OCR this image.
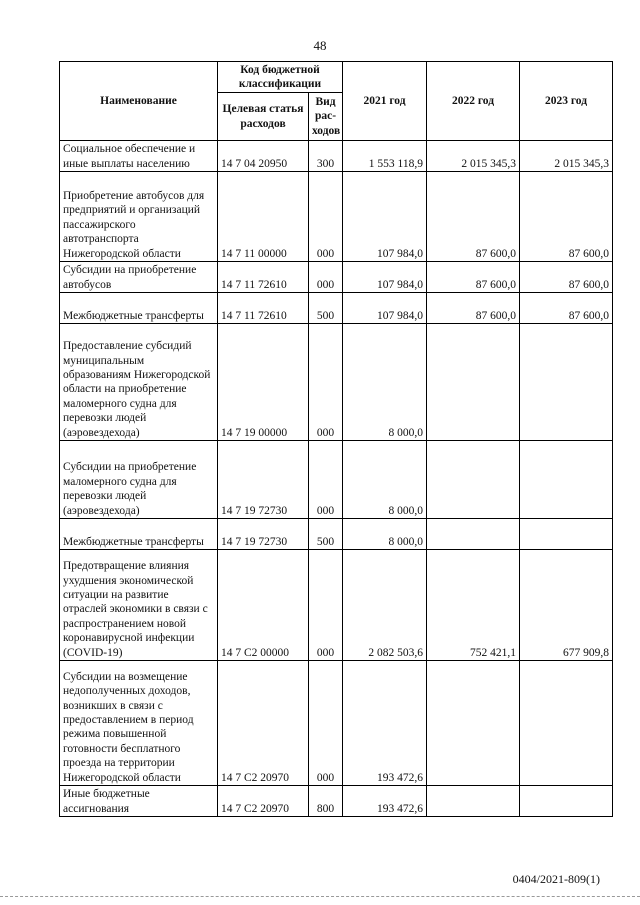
48
Наименование	Код бюджетной классификации		2021 год	2022 год	2023 год
	Целевая статья расходов	Вид рас-ходов			
Социальное обеспечение и иные выплаты населению	14 7 04 20950	300	1 553 118,9	2 015 345,3	2 015 345,3
Приобретение автобусов для предприятий и организаций пассажирского автотранспорта Нижегородской области	14 7 11 00000	000	107 984,0	87 600,0	87 600,0
Субсидии на приобретение автобусов	14 7 11 72610	000	107 984,0	87 600,0	87 600,0
Межбюджетные трансферты	14 7 11 72610	500	107 984,0	87 600,0	87 600,0
Предоставление субсидий муниципальным образованиям Нижегородской области на приобретение маломерного судна для перевозки людей (аэровездехода)	14 7 19 00000	000	8 000,0		
Субсидии на приобретение маломерного судна для перевозки людей (аэровездехода)	14 7 19 72730	000	8 000,0		
Межбюджетные трансферты	14 7 19 72730	500	8 000,0		
Предотвращение влияния ухудшения экономической ситуации на развитие отраслей экономики в связи с распространением новой коронавирусной инфекции (COVID-19)	14 7 C2 00000	000	2 082 503,6	752 421,1	677 909,8
Субсидии на возмещение недополученных доходов, возникших в связи с предоставлением в период режима повышенной готовности бесплатного проезда на территории Нижегородской области	14 7 C2 20970	000	193 472,6		
Иные бюджетные ассигнования	14 7 C2 20970	800	193 472,6		
0404/2021-809(1)
